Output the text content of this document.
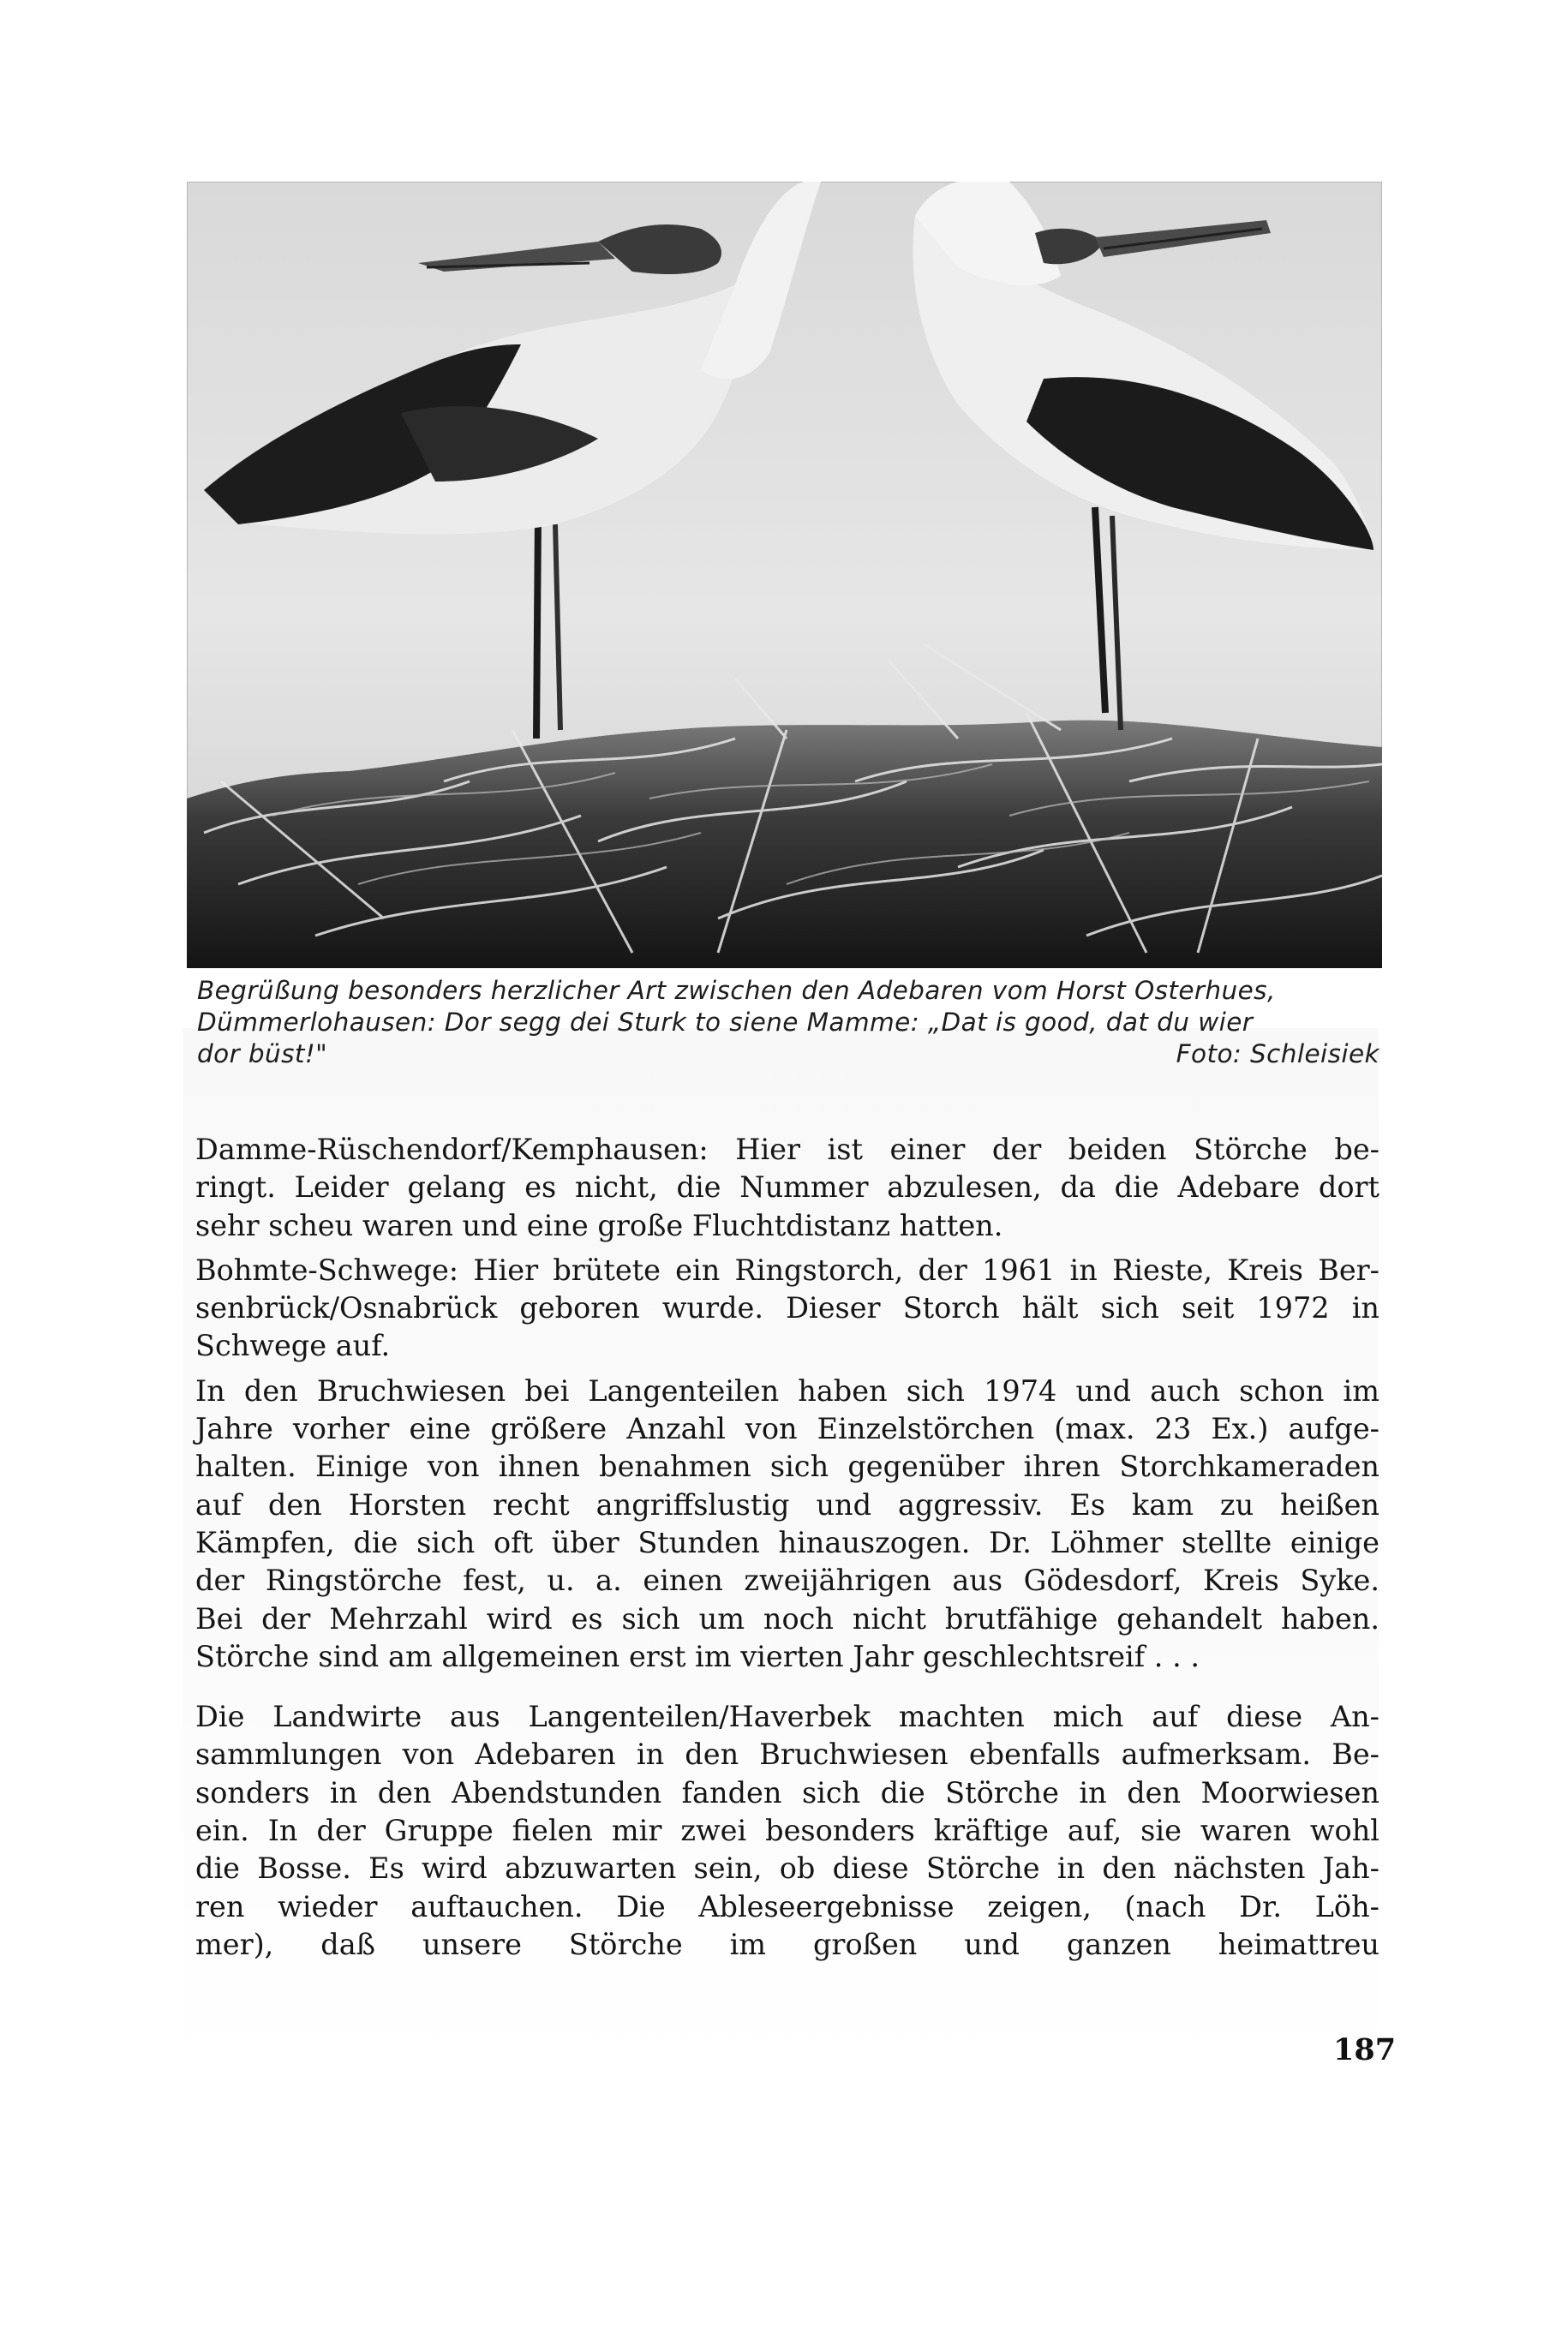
Begrüßung besonders herzlicher Art zwischen den Adebaren vom Horst Osterhues,
Dümmerlohausen: Dor segg dei Sturk to siene Mamme: „Dat is good, dat du wier
dor büst!"	Foto: Schleisiek
Damme-Rüschendorf/Kemphausen: Hier ist einer der beiden Störche be-
ringt. Leider gelang es nicht, die Nummer abzulesen, da die Adebare dort
sehr scheu waren und eine große Fluchtdistanz hatten.
Bohmte-Schwege: Hier brütete ein Ringstorch, der 1961 in Rieste, Kreis Ber-
senbrück/Osnabrück geboren wurde. Dieser Storch hält sich seit 1972 in
Schwege auf.
In den Bruchwiesen bei Langenteilen haben sich 1974 und auch schon im
Jahre vorher eine größere Anzahl von Einzelstörchen (max. 23 Ex.) aufge-
halten. Einige von ihnen benahmen sich gegenüber ihren Storchkameraden
auf den Horsten recht angriffslustig und aggressiv. Es kam zu heißen
Kämpfen, die sich oft über Stunden hinauszogen. Dr. Löhmer stellte einige
der Ringstörche fest, u. a. einen zweijährigen aus Gödesdorf, Kreis Syke.
Bei der Mehrzahl wird es sich um noch nicht brutfähige gehandelt haben.
Störche sind am allgemeinen erst im vierten Jahr geschlechtsreif . . .
Die Landwirte aus Langenteilen/Haverbek machten mich auf diese An-
sammlungen von Adebaren in den Bruchwiesen ebenfalls aufmerksam. Be-
sonders in den Abendstunden fanden sich die Störche in den Moorwiesen
ein. In der Gruppe fielen mir zwei besonders kräftige auf, sie waren wohl
die Bosse. Es wird abzuwarten sein, ob diese Störche in den nächsten Jah-
ren wieder auftauchen. Die Ableseergebnisse zeigen, (nach Dr. Löh-
mer), daß unsere Störche im großen und ganzen heimattreu
187
